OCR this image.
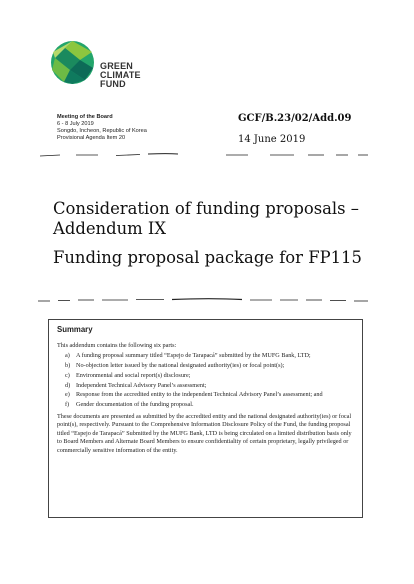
GREEN
CLIMATE
FUND
Meeting of the Board
6 - 8 July 2019
Songdo, Incheon, Republic of Korea
Provisional Agenda Item 20
GCF/B.23/02/Add.09
14 June 2019
Consideration of funding proposals – Addendum IX
Funding proposal package for FP115
Summary
This addendum contains the following six parts:
a) A funding proposal summary titled “Espejo de Tarapacá” submitted by the MUFG Bank, LTD;
b) No-objection letter issued by the national designated authority(ies) or focal point(s);
c) Environmental and social report(s) disclosure;
d) Independent Technical Advisory Panel’s assessment;
e) Response from the accredited entity to the independent Technical Advisory Panel’s assessment; and
f) Gender documentation of the funding proposal.
These documents are presented as submitted by the accredited entity and the national designated authority(ies) or focal point(s), respectively. Pursuant to the Comprehensive Information Disclosure Policy of the Fund, the funding proposal titled “Espejo de Tarapacá” Submitted by the MUFG Bank, LTD is being circulated on a limited distribution basis only to Board Members and Alternate Board Members to ensure confidentiality of certain proprietary, legally privileged or commercially sensitive information of the entity.
